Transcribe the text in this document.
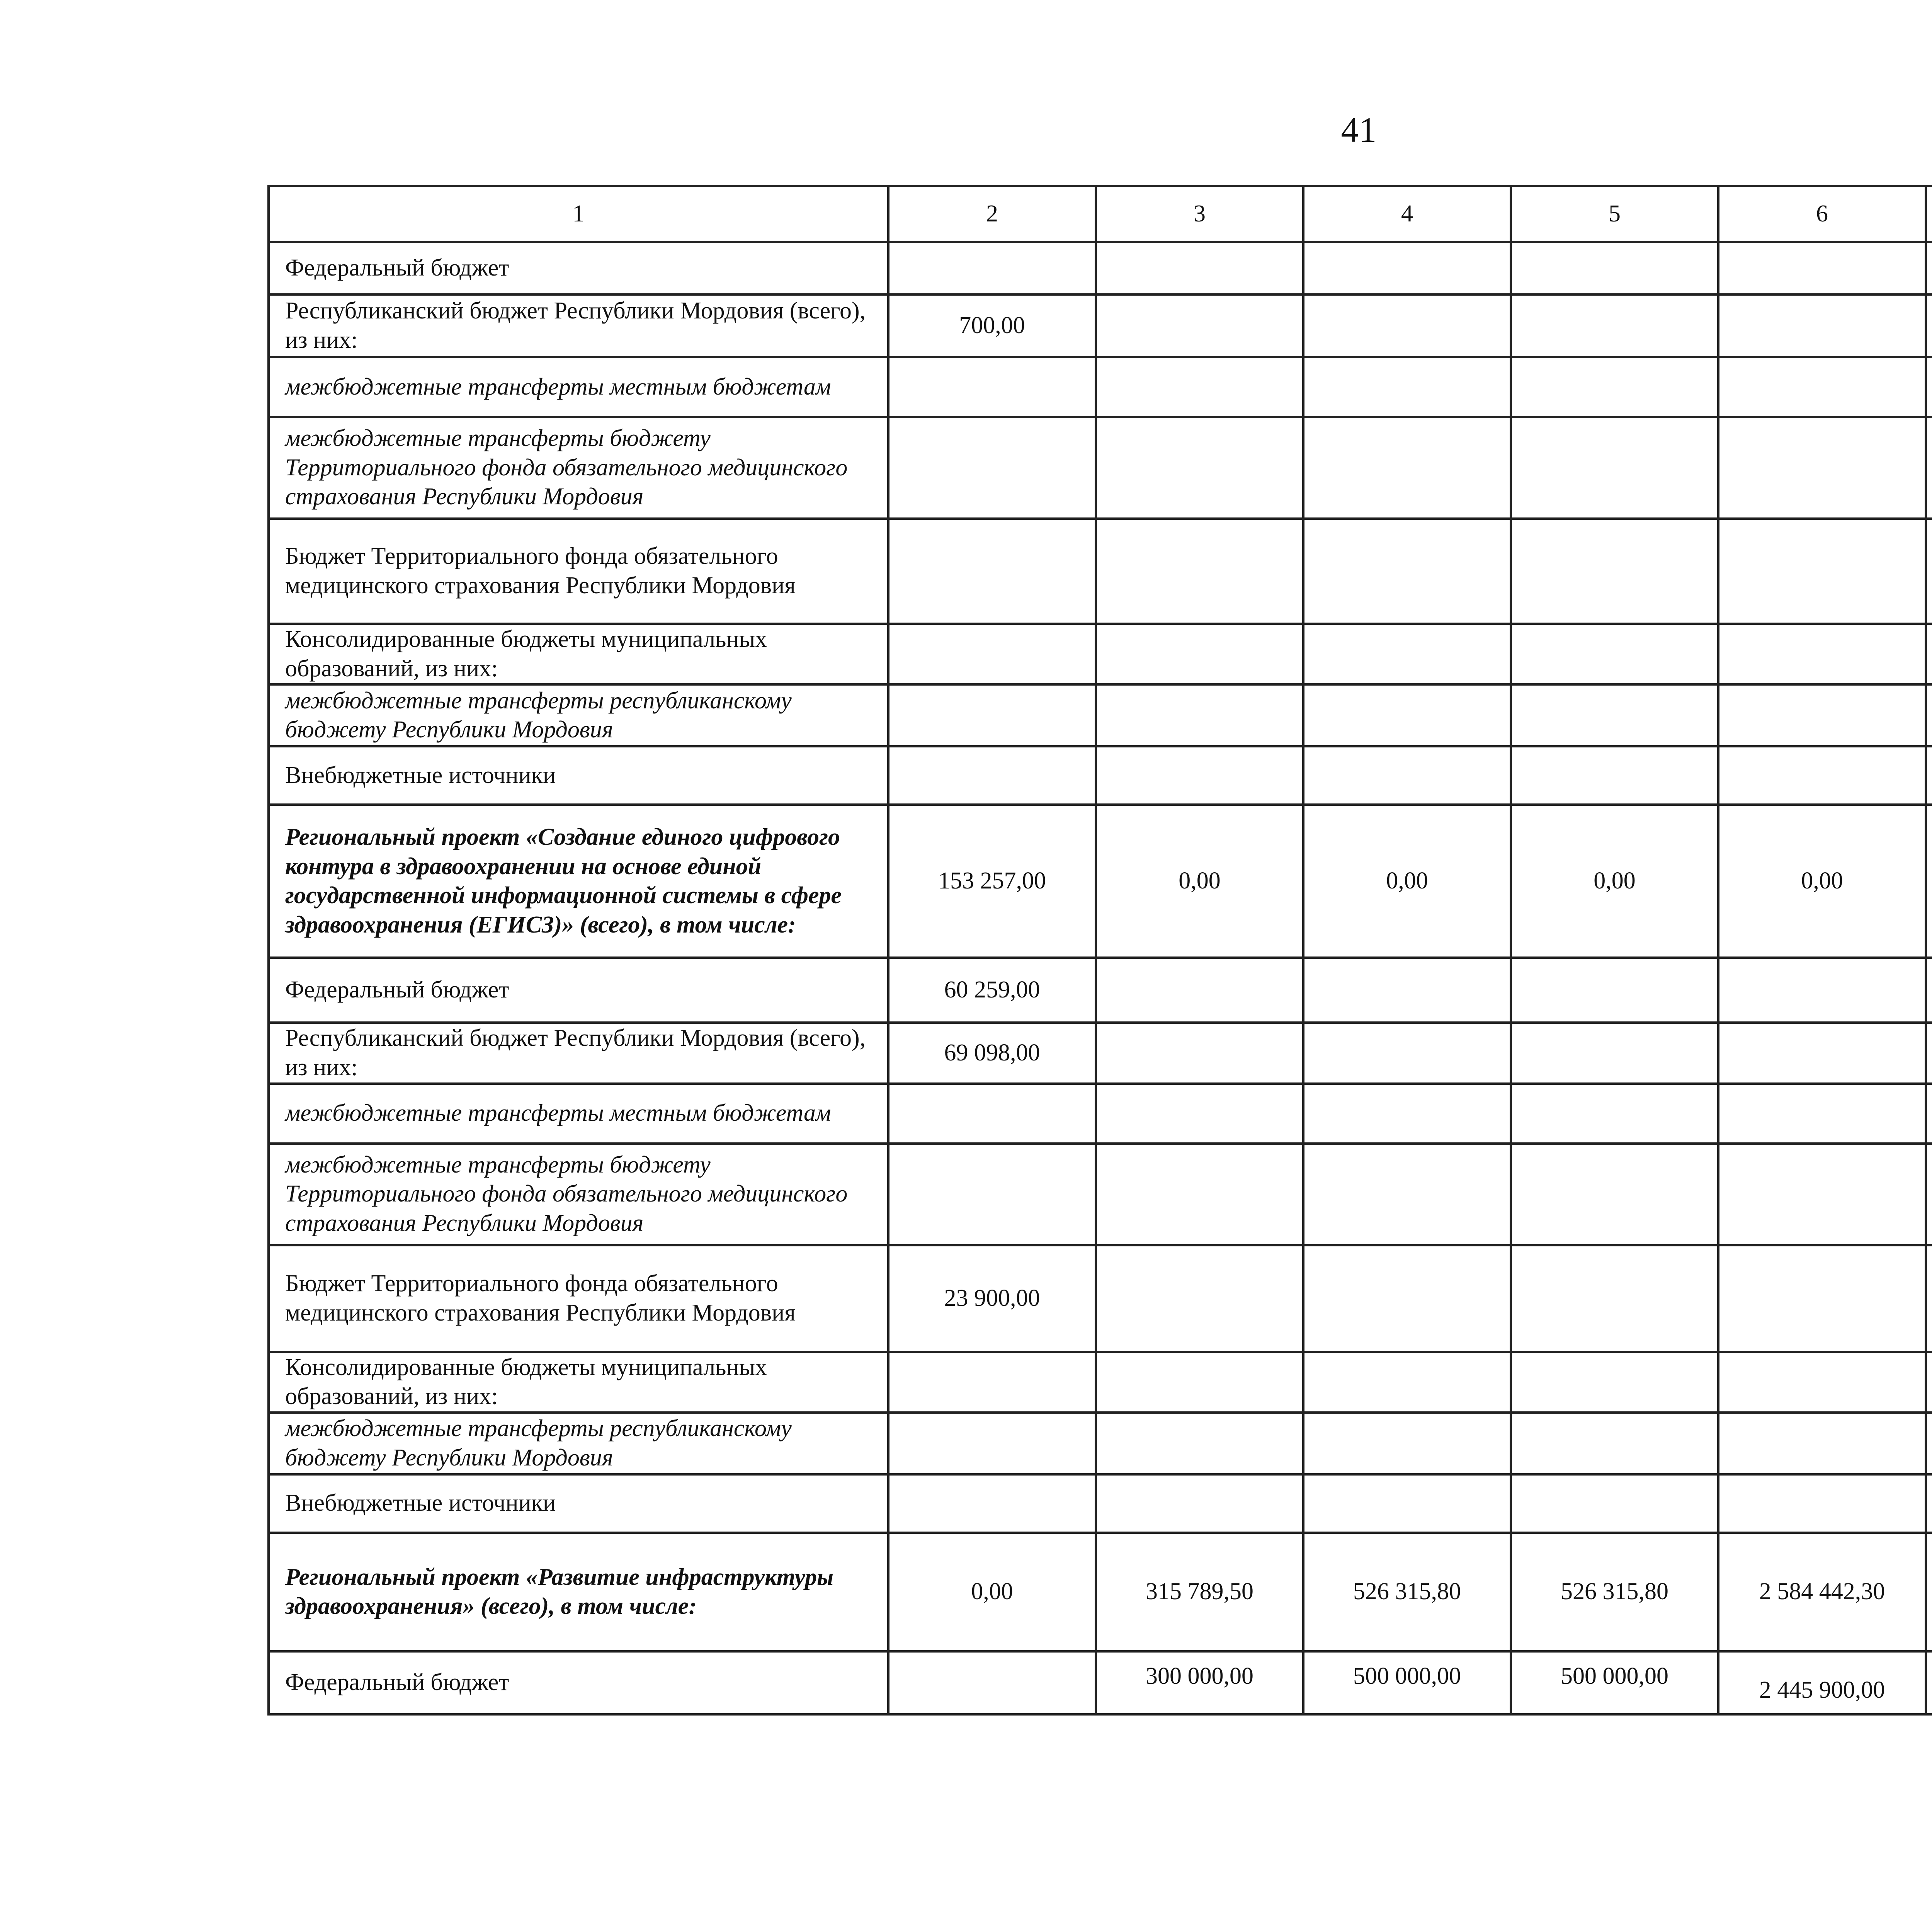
41
1	2	3	4	5	6			
Федеральный бюджет								
Республиканский бюджет Республики Мордовия (всего), из них:	700,00							
межбюджетные трансферты местным бюджетам								
межбюджетные трансферты бюджету Территориального фонда обязательного медицинского страхования Республики Мордовия								
Бюджет Территориального фонда обязательного медицинского страхования Республики Мордовия								
Консолидированные бюджеты муниципальных образований, из них:								
межбюджетные трансферты республиканскому бюджету Республики Мордовия								
Внебюджетные источники								
Региональный проект «Создание единого цифрового контура в здравоохранении на основе единой государственной информационной системы в сфере здравоохранения (ЕГИСЗ)» (всего), в том числе:	153 257,00	0,00	0,00	0,00	0,00			
Федеральный бюджет	60 259,00							
Республиканский бюджет Республики Мордовия (всего), из них:	69 098,00							
межбюджетные трансферты местным бюджетам								
межбюджетные трансферты бюджету Территориального фонда обязательного медицинского страхования Республики Мордовия								
Бюджет Территориального фонда обязательного медицинского страхования Республики Мордовия	23 900,00							
Консолидированные бюджеты муниципальных образований, из них:								
межбюджетные трансферты республиканскому бюджету Республики Мордовия								
Внебюджетные источники								
Региональный проект «Развитие инфраструктуры здравоохранения» (всего), в том числе:	0,00	315 789,50	526 315,80	526 315,80	2 584 442,30			
Федеральный бюджет		300 000,00	500 000,00	500 000,00	2 445 900,00			
